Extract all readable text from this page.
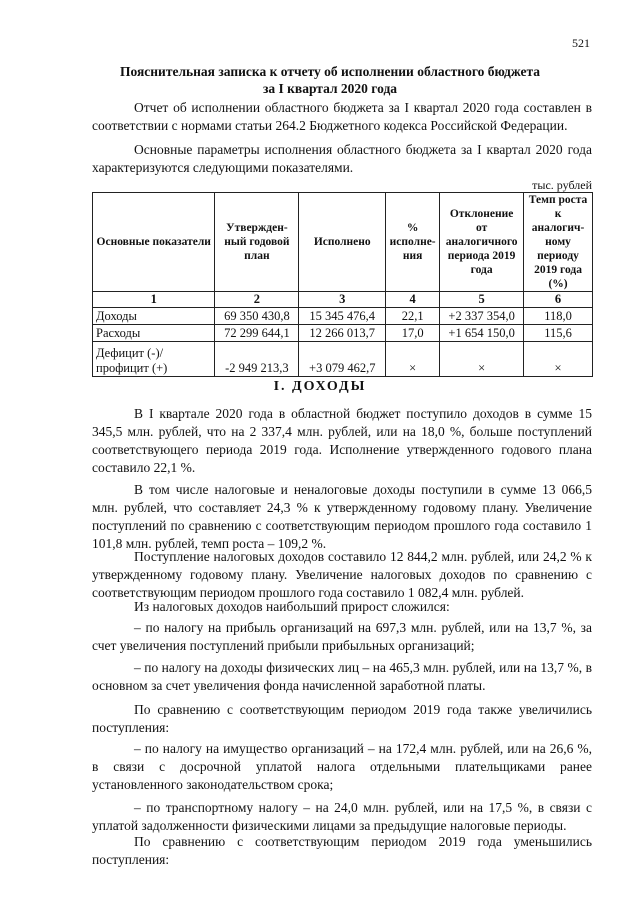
521
Пояснительная записка к отчету об исполнении областного бюджета
за I квартал 2020 года

Отчет об исполнении областного бюджета за I квартал 2020 года составлен в соответствии с нормами статьи 264.2 Бюджетного кодекса Российской Федерации.

Основные параметры исполнения областного бюджета за I квартал 2020 года характеризуются следующими показателями.

тыс. рублей
Основные показатели	Утвержден-ный годовой план	Исполнено	% исполне-ния	Отклонение от аналогичного периода 2019 года	Темп роста к аналогич-ному периоду 2019 года (%)
1	2	3	4	5	6
Доходы	69 350 430,8	15 345 476,4	22,1	+2 337 354,0	118,0
Расходы	72 299 644,1	12 266 013,7	17,0	+1 654 150,0	115,6
Дефицит (-)/
профицит (+)	-2 949 213,3	+3 079 462,7	×	×	×
I. ДОХОДЫ

В I квартале 2020 года в областной бюджет поступило доходов в сумме 15 345,5 млн. рублей, что на 2 337,4 млн. рублей, или на 18,0 %, больше поступлений соответствующего периода 2019 года. Исполнение утвержденного годового плана составило 22,1 %.

В том числе налоговые и неналоговые доходы поступили в сумме 13 066,5 млн. рублей, что составляет 24,3 % к утвержденному годовому плану. Увеличение поступлений по сравнению с соответствующим периодом прошлого года составило 1 101,8 млн. рублей, темп роста – 109,2 %.

Поступление налоговых доходов составило 12 844,2 млн. рублей, или 24,2 % к утвержденному годовому плану. Увеличение налоговых доходов по сравнению с соответствующим периодом прошлого года составило 1 082,4 млн. рублей.

Из налоговых доходов наибольший прирост сложился:

– по налогу на прибыль организаций на 697,3 млн. рублей, или на 13,7 %, за счет увеличения поступлений прибыли прибыльных организаций;

– по налогу на доходы физических лиц – на 465,3 млн. рублей, или на 13,7 %, в основном за счет увеличения фонда начисленной заработной платы.

По сравнению с соответствующим периодом 2019 года также увеличились поступления:

– по налогу на имущество организаций – на 172,4 млн. рублей, или на 26,6 %, в связи с досрочной уплатой налога отдельными плательщиками ранее установленного законодательством срока;

– по транспортному налогу – на 24,0 млн. рублей, или на 17,5 %, в связи с уплатой задолженности физическими лицами за предыдущие налоговые периоды.

По сравнению с соответствующим периодом 2019 года уменьшились поступления:
